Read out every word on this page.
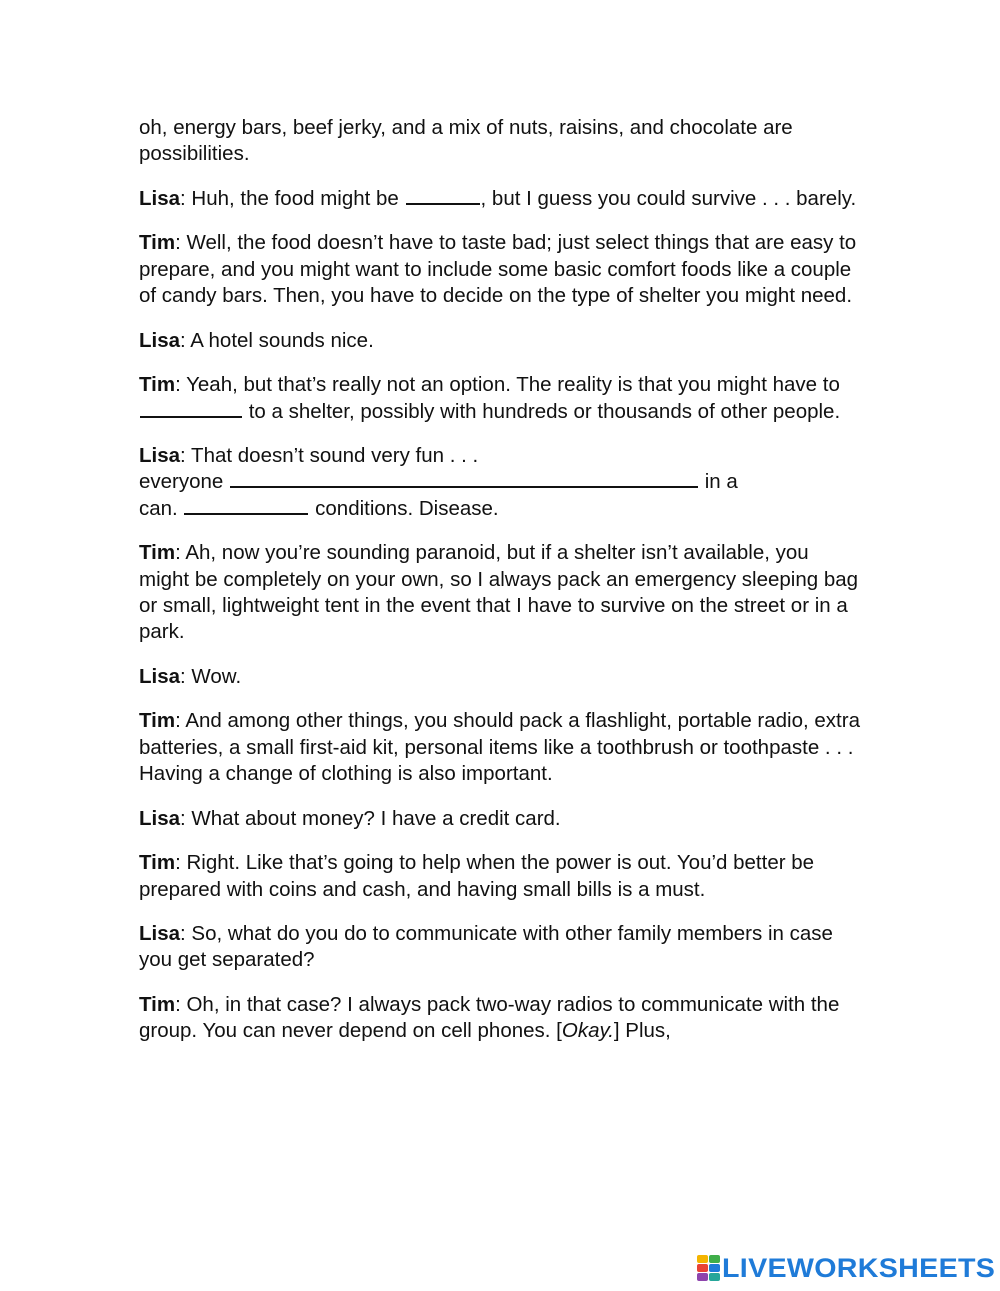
oh, energy bars, beef jerky, and a mix of nuts, raisins, and chocolate are possibilities.

Lisa: Huh, the food might be	, but I guess you could survive . . . barely.

Tim: Well, the food doesn’t have to taste bad; just select things that are easy to prepare, and you might want to include some basic comfort foods like a couple of candy bars. Then, you have to decide on the type of shelter you might need.

Lisa: A hotel sounds nice.

Tim: Yeah, but that’s really not an option. The reality is that you might have to  to a shelter, possibly with hundreds or thousands of other people.

Lisa: That doesn’t sound very fun . . .
everyone	in a
can.	conditions. Disease.

Tim: Ah, now you’re sounding paranoid, but if a shelter isn’t available, you might be completely on your own, so I always pack an emergency sleeping bag or small, lightweight tent in the event that I have to survive on the street or in a park.

Lisa: Wow.

Tim: And among other things, you should pack a flashlight, portable radio, extra batteries, a small first-aid kit, personal items like a toothbrush or toothpaste . . . Having a change of clothing is also important.

Lisa: What about money? I have a credit card.

Tim: Right. Like that’s going to help when the power is out. You’d better be prepared with coins and cash, and having small bills is a must.

Lisa: So, what do you do to communicate with other family members in case you get separated?

Tim: Oh, in that case? I always pack two-way radios to communicate with the group. You can never depend on cell phones. [Okay.] Plus,

LIVEWORKSHEETS
